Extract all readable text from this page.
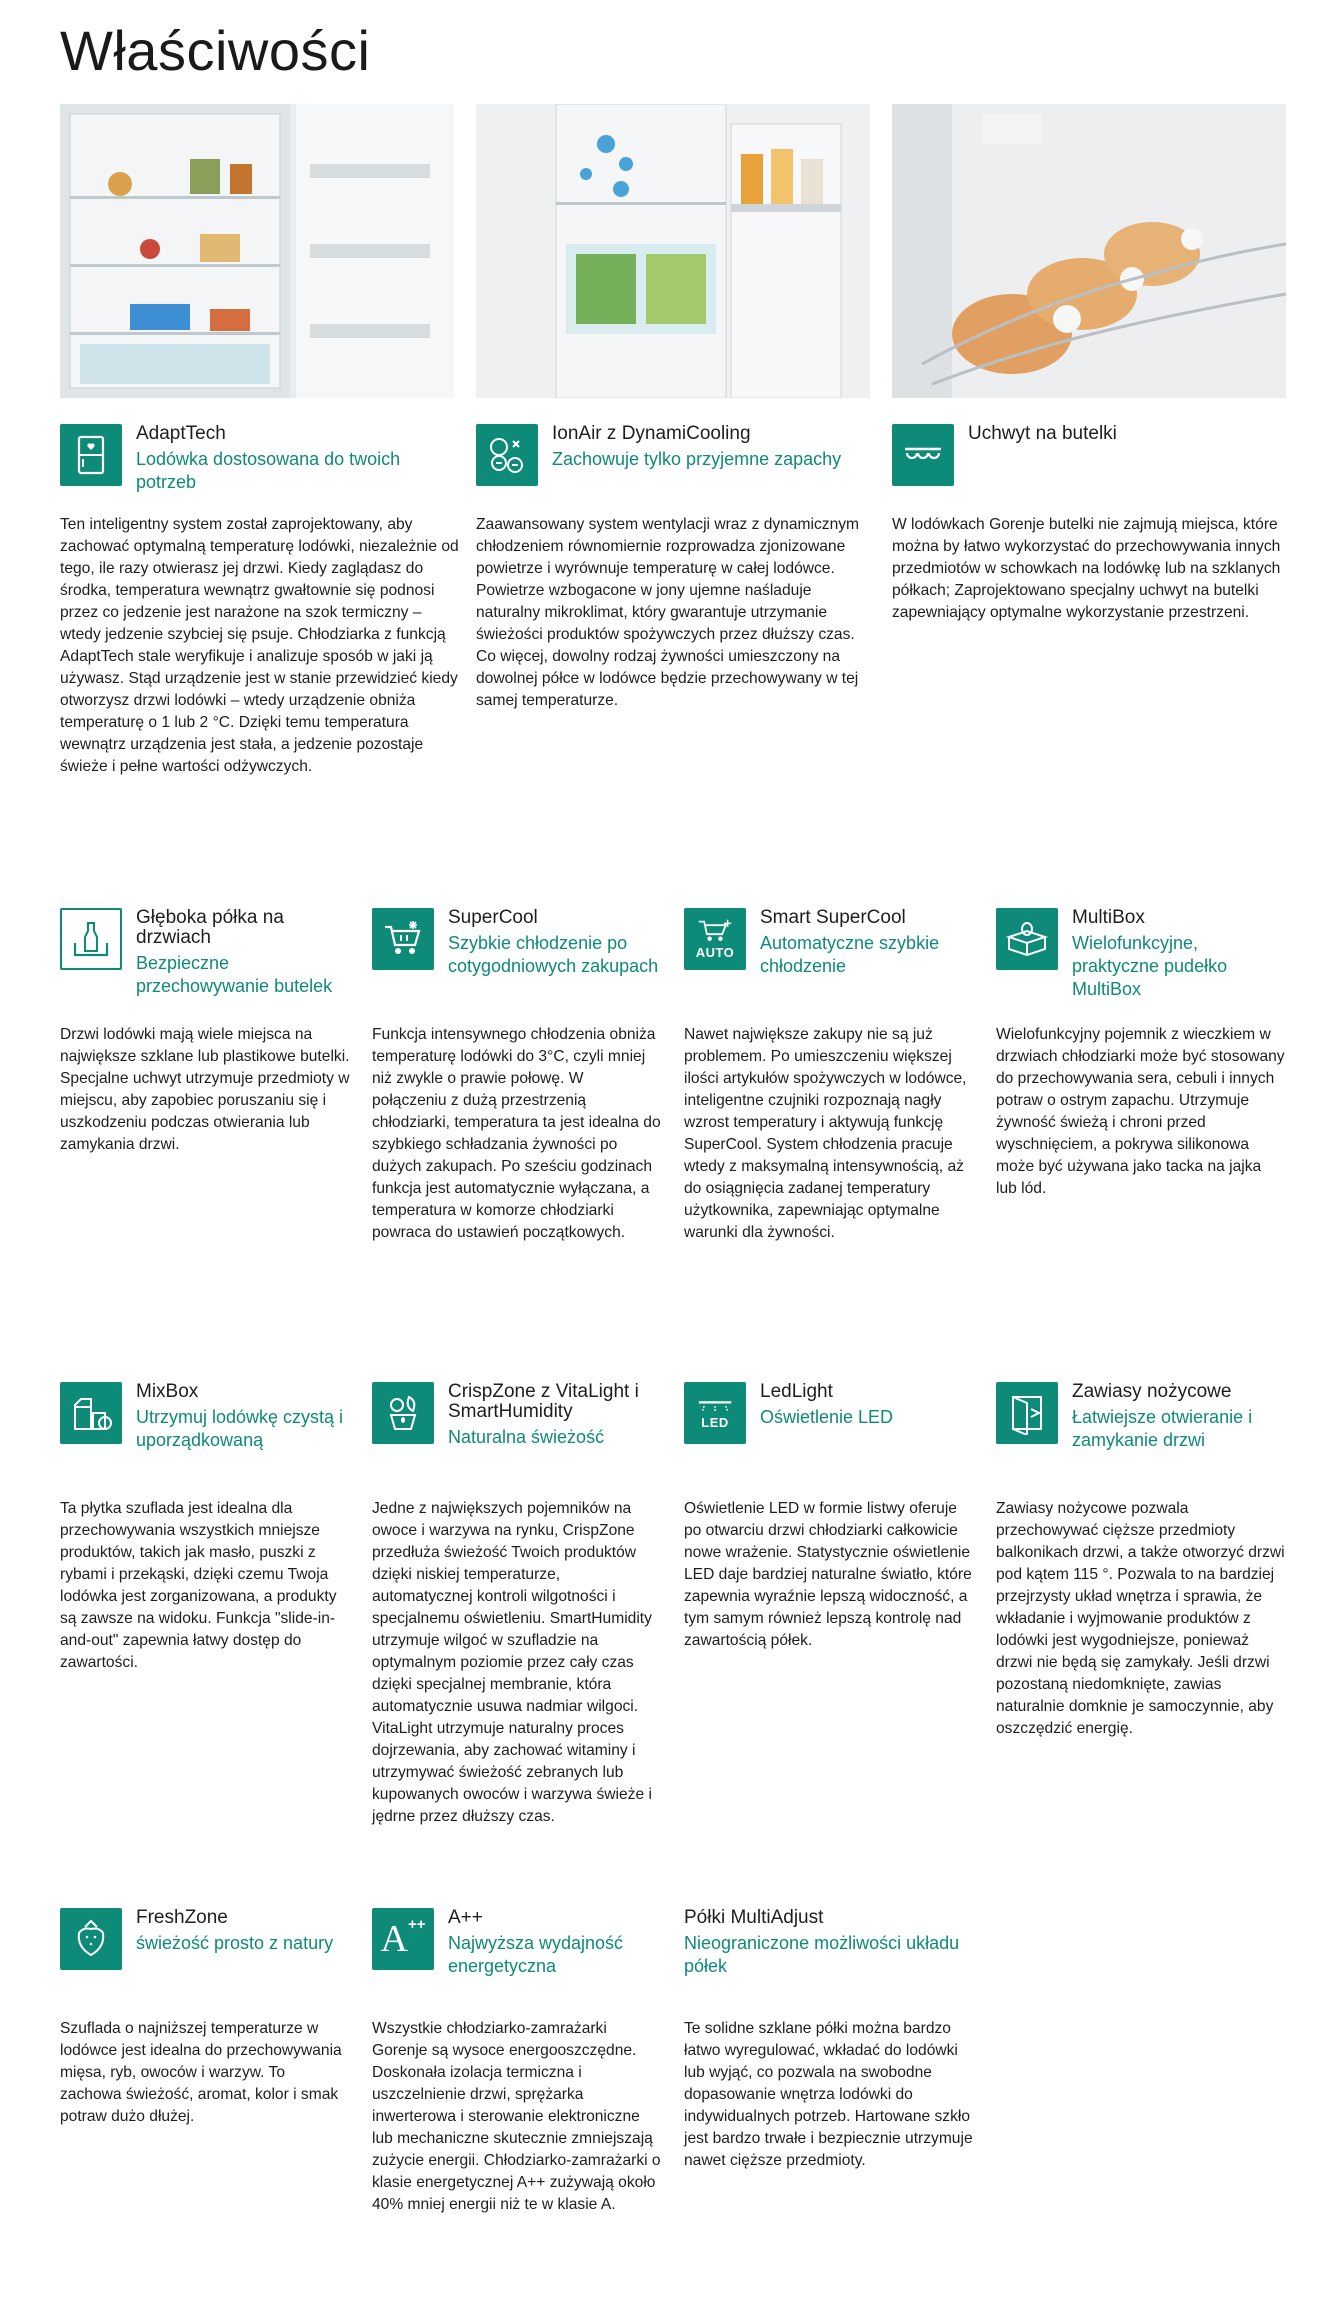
Właściwości
AdaptTech
Lodówka dostosowana do twoich potrzeb

Ten inteligentny system został zaprojektowany, aby zachować optymalną temperaturę lodówki, niezależnie od tego, ile razy otwierasz jej drzwi. Kiedy zaglądasz do środka, temperatura wewnątrz gwałtownie się podnosi przez co jedzenie jest narażone na szok termiczny – wtedy jedzenie szybciej się psuje. Chłodziarka z funkcją AdaptTech stale weryfikuje i analizuje sposób w jaki ją używasz. Stąd urządzenie jest w stanie przewidzieć kiedy otworzysz drzwi lodówki – wtedy urządzenie obniża temperaturę o 1 lub 2 °C. Dzięki temu temperatura wewnątrz urządzenia jest stała, a jedzenie pozostaje świeże i pełne wartości odżywczych.

IonAir z DynamiCooling
Zachowuje tylko przyjemne zapachy

Zaawansowany system wentylacji wraz z dynamicznym chłodzeniem równomiernie rozprowadza zjonizowane powietrze i wyrównuje temperaturę w całej lodówce. Powietrze wzbogacone w jony ujemne naśladuje naturalny mikroklimat, który gwarantuje utrzymanie świeżości produktów spożywczych przez dłuższy czas. Co więcej, dowolny rodzaj żywności umieszczony na dowolnej półce w lodówce będzie przechowywany w tej samej temperaturze.

Uchwyt na butelki

W lodówkach Gorenje butelki nie zajmują miejsca, które można by łatwo wykorzystać do przechowywania innych przedmiotów w schowkach na lodówkę lub na szklanych półkach; Zaprojektowano specjalny uchwyt na butelki zapewniający optymalne wykorzystanie przestrzeni.

Głęboka półka na drzwiach
Bezpieczne przechowywanie butelek

Drzwi lodówki mają wiele miejsca na największe szklane lub plastikowe butelki. Specjalne uchwyt utrzymuje przedmioty w miejscu, aby zapobiec poruszaniu się i uszkodzeniu podczas otwierania lub zamykania drzwi.

SuperCool
Szybkie chłodzenie po cotygodniowych zakupach

Funkcja intensywnego chłodzenia obniża temperaturę lodówki do 3°C, czyli mniej niż zwykle o prawie połowę. W połączeniu z dużą przestrzenią chłodziarki, temperatura ta jest idealna do szybkiego schładzania żywności po dużych zakupach. Po sześciu godzinach funkcja jest automatycznie wyłączana, a temperatura w komorze chłodziarki powraca do ustawień początkowych.

AUTO
Smart SuperCool
Automatyczne szybkie chłodzenie

Nawet największe zakupy nie są już problemem. Po umieszczeniu większej ilości artykułów spożywczych w lodówce, inteligentne czujniki rozpoznają nagły wzrost temperatury i aktywują funkcję SuperCool. System chłodzenia pracuje wtedy z maksymalną intensywnością, aż do osiągnięcia zadanej temperatury użytkownika, zapewniając optymalne warunki dla żywności.

MultiBox
Wielofunkcyjne, praktyczne pudełko MultiBox

Wielofunkcyjny pojemnik z wieczkiem w drzwiach chłodziarki może być stosowany do przechowywania sera, cebuli i innych potraw o ostrym zapachu. Utrzymuje żywność świeżą i chroni przed wyschnięciem, a pokrywa silikonowa może być używana jako tacka na jajka lub lód.

MixBox
Utrzymuj lodówkę czystą i uporządkowaną

Ta płytka szuflada jest idealna dla przechowywania wszystkich mniejsze produktów, takich jak masło, puszki z rybami i przekąski, dzięki czemu Twoja lodówka jest zorganizowana, a produkty są zawsze na widoku. Funkcja "slide-in-and-out" zapewnia łatwy dostęp do zawartości.

CrispZone z VitaLight i SmartHumidity
Naturalna świeżość

Jedne z największych pojemników na owoce i warzywa na rynku, CrispZone przedłuża świeżość Twoich produktów dzięki niskiej temperaturze, automatycznej kontroli wilgotności i specjalnemu oświetleniu. SmartHumidity utrzymuje wilgoć w szufladzie na optymalnym poziomie przez cały czas dzięki specjalnej membranie, która automatycznie usuwa nadmiar wilgoci. VitaLight utrzymuje naturalny proces dojrzewania, aby zachować witaminy i utrzymywać świeżość zebranych lub kupowanych owoców i warzywa świeże i jędrne przez dłuższy czas.

LED
LedLight
Oświetlenie LED

Oświetlenie LED w formie listwy oferuje po otwarciu drzwi chłodziarki całkowicie nowe wrażenie. Statystycznie oświetlenie LED daje bardziej naturalne światło, które zapewnia wyraźnie lepszą widoczność, a tym samym również lepszą kontrolę nad zawartością półek.

Zawiasy nożycowe
Łatwiejsze otwieranie i zamykanie drzwi

Zawiasy nożycowe pozwala przechowywać cięższe przedmioty balkonikach drzwi, a także otworzyć drzwi pod kątem 115 °. Pozwala to na bardziej przejrzysty układ wnętrza i sprawia, że wkładanie i wyjmowanie produktów z lodówki jest wygodniejsze, ponieważ drzwi nie będą się zamykały. Jeśli drzwi pozostaną niedomknięte, zawias naturalnie domknie je samoczynnie, aby oszczędzić energię.

FreshZone
świeżość prosto z natury

Szuflada o najniższej temperaturze w lodówce jest idealna do przechowywania mięsa, ryb, owoców i warzyw. To zachowa świeżość, aromat, kolor i smak potraw dużo dłużej.

A ++ A++
Najwyższa wydajność energetyczna

Wszystkie chłodziarko-zamrażarki Gorenje są wysoce energooszczędne. Doskonała izolacja termiczna i uszczelnienie drzwi, sprężarka inwerterowa i sterowanie elektroniczne lub mechaniczne skutecznie zmniejszają zużycie energii. Chłodziarko-zamrażarki o klasie energetycznej A++ zużywają około 40% mniej energii niż te w klasie A.

Półki MultiAdjust
Nieograniczone możliwości układu półek

Te solidne szklane półki można bardzo łatwo wyregulować, wkładać do lodówki lub wyjąć, co pozwala na swobodne dopasowanie wnętrza lodówki do indywidualnych potrzeb. Hartowane szkło jest bardzo trwałe i bezpiecznie utrzymuje nawet cięższe przedmioty.
